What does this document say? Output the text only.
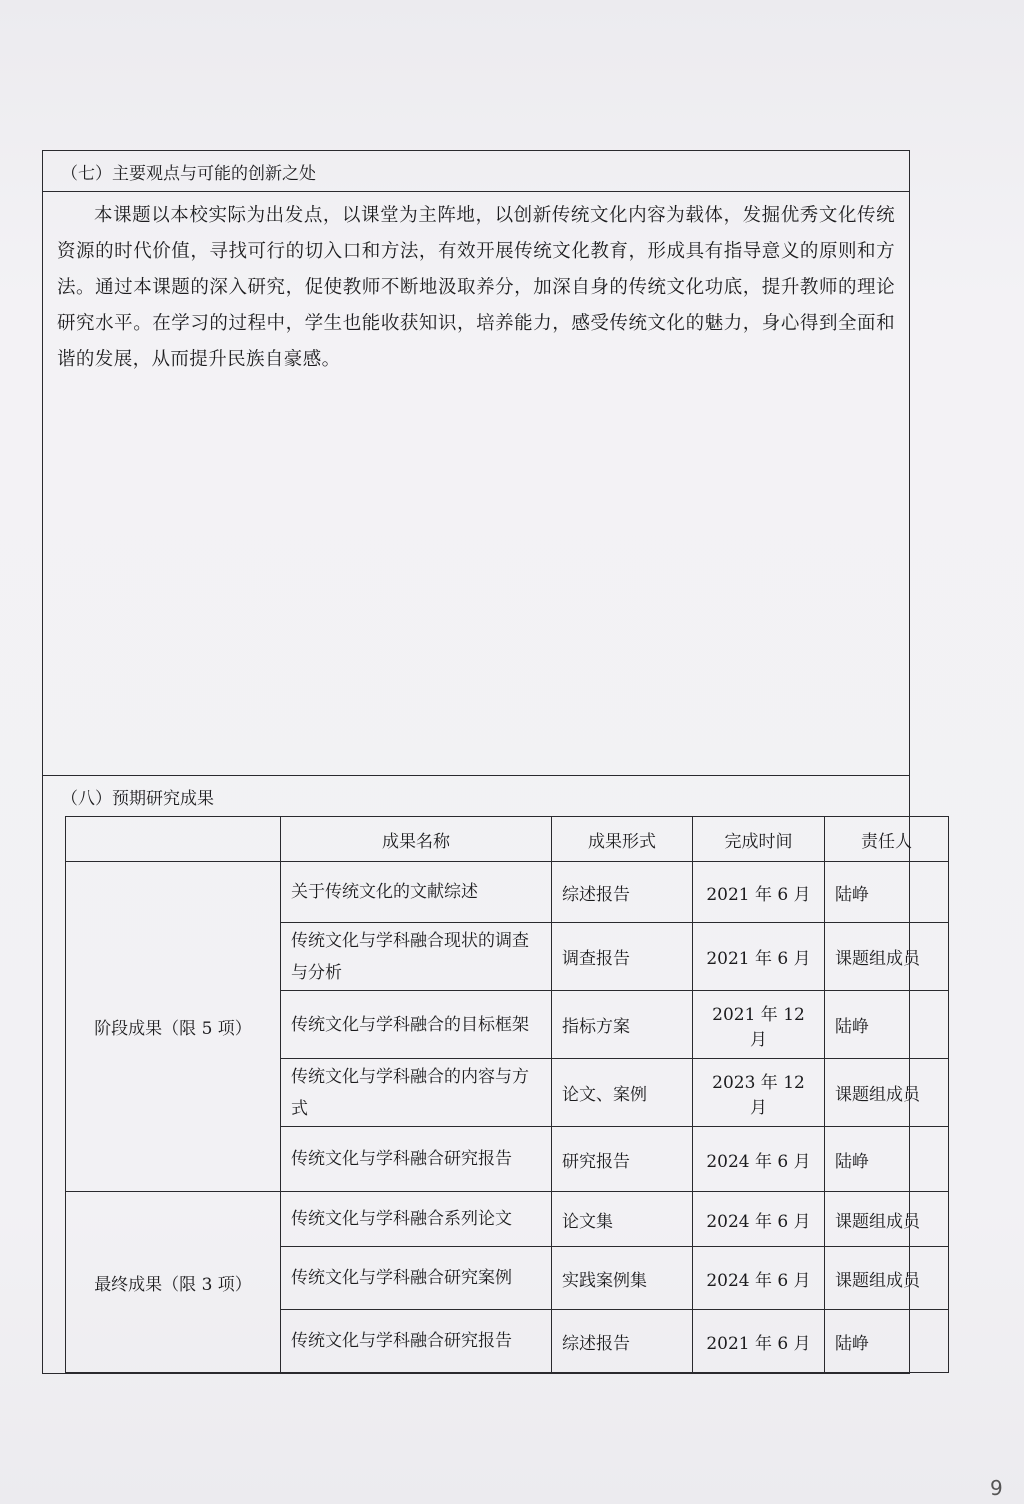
（七）主要观点与可能的创新之处

本课题以本校实际为出发点，以课堂为主阵地，以创新传统文化内容为载体，发掘优秀文化传统资源的时代价值，寻找可行的切入口和方法，有效开展传统文化教育，形成具有指导意义的原则和方法。通过本课题的深入研究，促使教师不断地汲取养分，加深自身的传统文化功底，提升教师的理论研究水平。在学习的过程中，学生也能收获知识，培养能力，感受传统文化的魅力，身心得到全面和谐的发展，从而提升民族自豪感。

（八）预期研究成果
	成果名称	成果形式	完成时间	责任人
阶段成果（限 5 项）	关于传统文化的文献综述	综述报告	2021 年 6 月	陆峥
	传统文化与学科融合现状的调查与分析	调查报告	2021 年 6 月	课题组成员
	传统文化与学科融合的目标框架	指标方案	2021 年 12 月	陆峥
	传统文化与学科融合的内容与方式	论文、案例	2023 年 12 月	课题组成员
	传统文化与学科融合研究报告	研究报告	2024 年 6 月	陆峥
最终成果（限 3 项）	传统文化与学科融合系列论文	论文集	2024 年 6 月	课题组成员
	传统文化与学科融合研究案例	实践案例集	2024 年 6 月	课题组成员
	传统文化与学科融合研究报告	综述报告	2021 年 6 月	陆峥
9
